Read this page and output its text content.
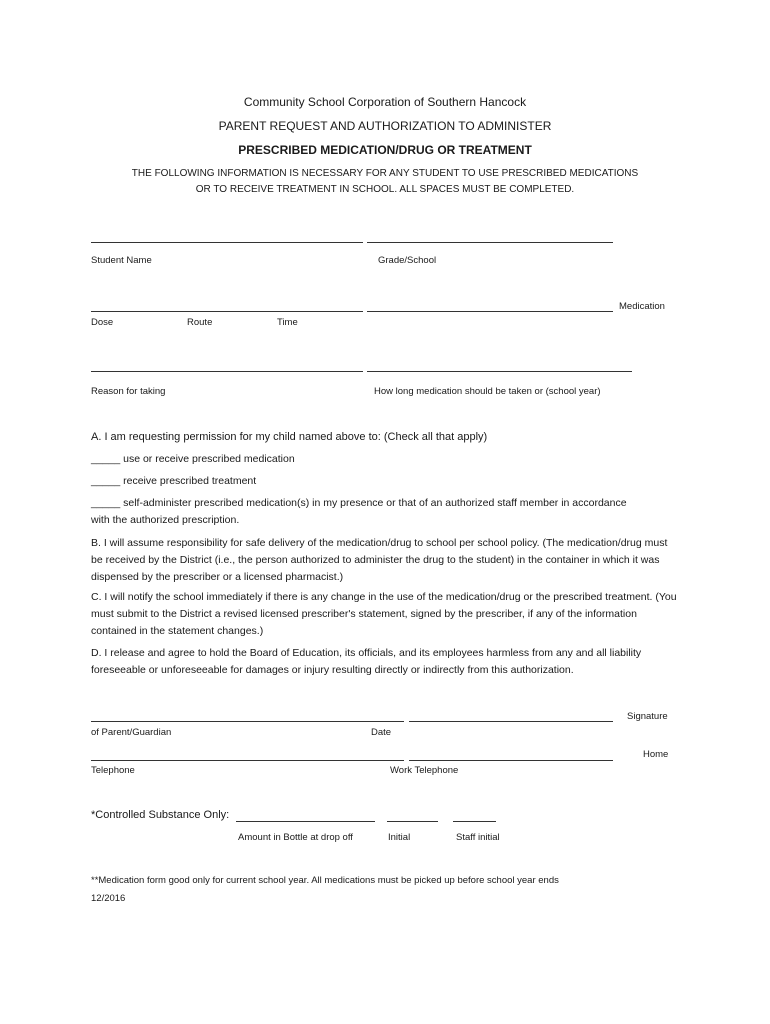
Community School Corporation of Southern Hancock
PARENT REQUEST AND AUTHORIZATION TO ADMINISTER
PRESCRIBED MEDICATION/DRUG OR TREATMENT
THE FOLLOWING INFORMATION IS NECESSARY FOR ANY STUDENT TO USE PRESCRIBED MEDICATIONS
OR TO RECEIVE TREATMENT IN SCHOOL. ALL SPACES MUST BE COMPLETED.
Student Name	Grade/School
Medication
Dose	Route	Time
Reason for taking	How long medication should be taken or (school year)
A. I am requesting permission for my child named above to: (Check all that apply)
_____ use or receive prescribed medication
_____ receive prescribed treatment
_____ self-administer prescribed medication(s) in my presence or that of an authorized staff member in accordance
with the authorized prescription.
B. I will assume responsibility for safe delivery of the medication/drug to school per school policy. (The medication/drug must be received by the District (i.e., the person authorized to administer the drug to the student) in the container in which it was dispensed by the prescriber or a licensed pharmacist.)
C. I will notify the school immediately if there is any change in the use of the medication/drug or the prescribed treatment. (You must submit to the District a revised licensed prescriber's statement, signed by the prescriber, if any of the information contained in the statement changes.)
D. I release and agree to hold the Board of Education, its officials, and its employees harmless from any and all liability foreseeable or unforeseeable for damages or injury resulting directly or indirectly from this authorization.
Signature
of Parent/Guardian	Date
Home
Telephone	Work Telephone
*Controlled Substance Only:
Amount in Bottle at drop off	Initial	Staff initial
**Medication form good only for current school year. All medications must be picked up before school year ends
12/2016
